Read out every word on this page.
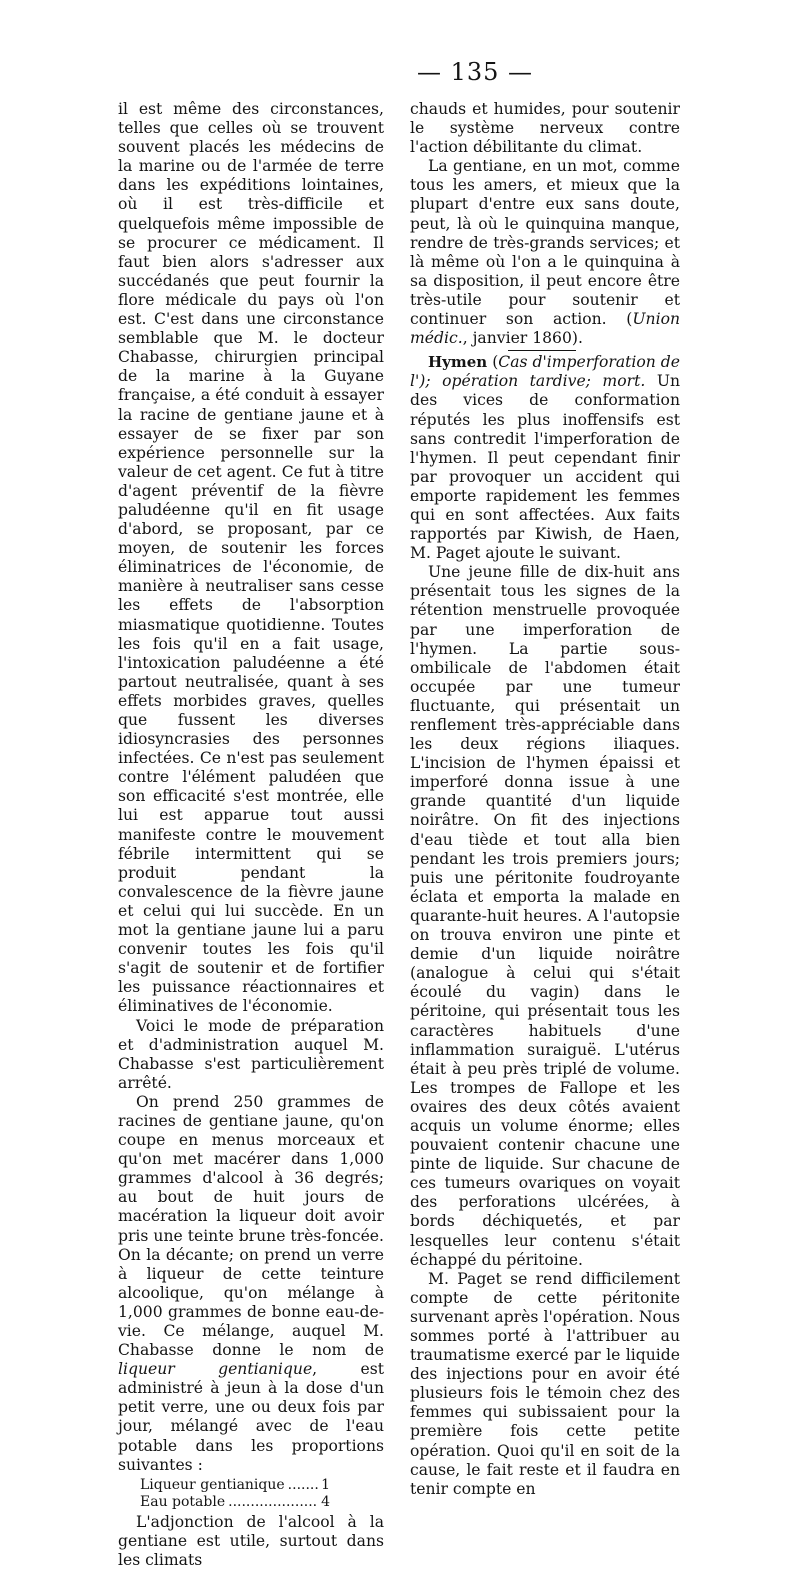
— 135 —

il est même des circonstances, telles que celles où se trouvent souvent placés les médecins de la marine ou de l'armée de terre dans les expéditions lointaines, où il est très-difficile et quelquefois même impossible de se procurer ce médicament. Il faut bien alors s'adresser aux succédanés que peut fournir la flore médicale du pays où l'on est. C'est dans une circonstance semblable que M. le docteur Chabasse, chirurgien principal de la marine à la Guyane française, a été conduit à essayer la racine de gentiane jaune et à essayer de se fixer par son expérience personnelle sur la valeur de cet agent. Ce fut à titre d'agent préventif de la fièvre paludéenne qu'il en fit usage d'abord, se proposant, par ce moyen, de soutenir les forces éliminatrices de l'économie, de manière à neutraliser sans cesse les effets de l'absorption miasmatique quotidienne. Toutes les fois qu'il en a fait usage, l'intoxication paludéenne a été partout neutralisée, quant à ses effets morbides graves, quelles que fussent les diverses idiosyncrasies des personnes infectées. Ce n'est pas seulement contre l'élément paludéen que son efficacité s'est montrée, elle lui est apparue tout aussi manifeste contre le mouvement fébrile intermittent qui se produit pendant la convalescence de la fièvre jaune et celui qui lui succède. En un mot la gentiane jaune lui a paru convenir toutes les fois qu'il s'agit de soutenir et de fortifier les puissance réactionnaires et éliminatives de l'économie.

Voici le mode de préparation et d'administration auquel M. Chabasse s'est particulièrement arrêté.

On prend 250 grammes de racines de gentiane jaune, qu'on coupe en menus morceaux et qu'on met macérer dans 1,000 grammes d'alcool à 36 degrés; au bout de huit jours de macération la liqueur doit avoir pris une teinte brune très-foncée. On la décante; on prend un verre à liqueur de cette teinture alcoolique, qu'on mélange à 1,000 grammes de bonne eau-de-vie. Ce mélange, auquel M. Chabasse donne le nom de liqueur gentianique, est administré à jeun à la dose d'un petit verre, une ou deux fois par jour, mélangé avec de l'eau potable dans les proportions suivantes :

Liqueur gentianique .....	1
Eau potable .....	4

L'adjonction de l'alcool à la gentiane est utile, surtout dans les climats

chauds et humides, pour soutenir le système nerveux contre l'action débilitante du climat.

La gentiane, en un mot, comme tous les amers, et mieux que la plupart d'entre eux sans doute, peut, là où le quinquina manque, rendre de très-grands services; et là même où l'on a le quinquina à sa disposition, il peut encore être très-utile pour soutenir et continuer son action. (Union médic., janvier 1860).

Hymen (Cas d'imperforation de l'); opération tardive; mort. Un des vices de conformation réputés les plus inoffensifs est sans contredit l'imperforation de l'hymen. Il peut cependant finir par provoquer un accident qui emporte rapidement les femmes qui en sont affectées. Aux faits rapportés par Kiwish, de Haen, M. Paget ajoute le suivant.

Une jeune fille de dix-huit ans présentait tous les signes de la rétention menstruelle provoquée par une imperforation de l'hymen. La partie sous-ombilicale de l'abdomen était occupée par une tumeur fluctuante, qui présentait un renflement très-appréciable dans les deux régions iliaques. L'incision de l'hymen épaissi et imperforé donna issue à une grande quantité d'un liquide noirâtre. On fit des injections d'eau tiède et tout alla bien pendant les trois premiers jours; puis une péritonite foudroyante éclata et emporta la malade en quarante-huit heures. A l'autopsie on trouva environ une pinte et demie d'un liquide noirâtre (analogue à celui qui s'était écoulé du vagin) dans le péritoine, qui présentait tous les caractères habituels d'une inflammation suraiguë. L'utérus était à peu près triplé de volume. Les trompes de Fallope et les ovaires des deux côtés avaient acquis un volume énorme; elles pouvaient contenir chacune une pinte de liquide. Sur chacune de ces tumeurs ovariques on voyait des perforations ulcérées, à bords déchiquetés, et par lesquelles leur contenu s'était échappé du péritoine.

M. Paget se rend difficilement compte de cette péritonite survenant après l'opération. Nous sommes porté à l'attribuer au traumatisme exercé par le liquide des injections pour en avoir été plusieurs fois le témoin chez des femmes qui subissaient pour la première fois cette petite opération. Quoi qu'il en soit de la cause, le fait reste et il faudra en tenir compte en
